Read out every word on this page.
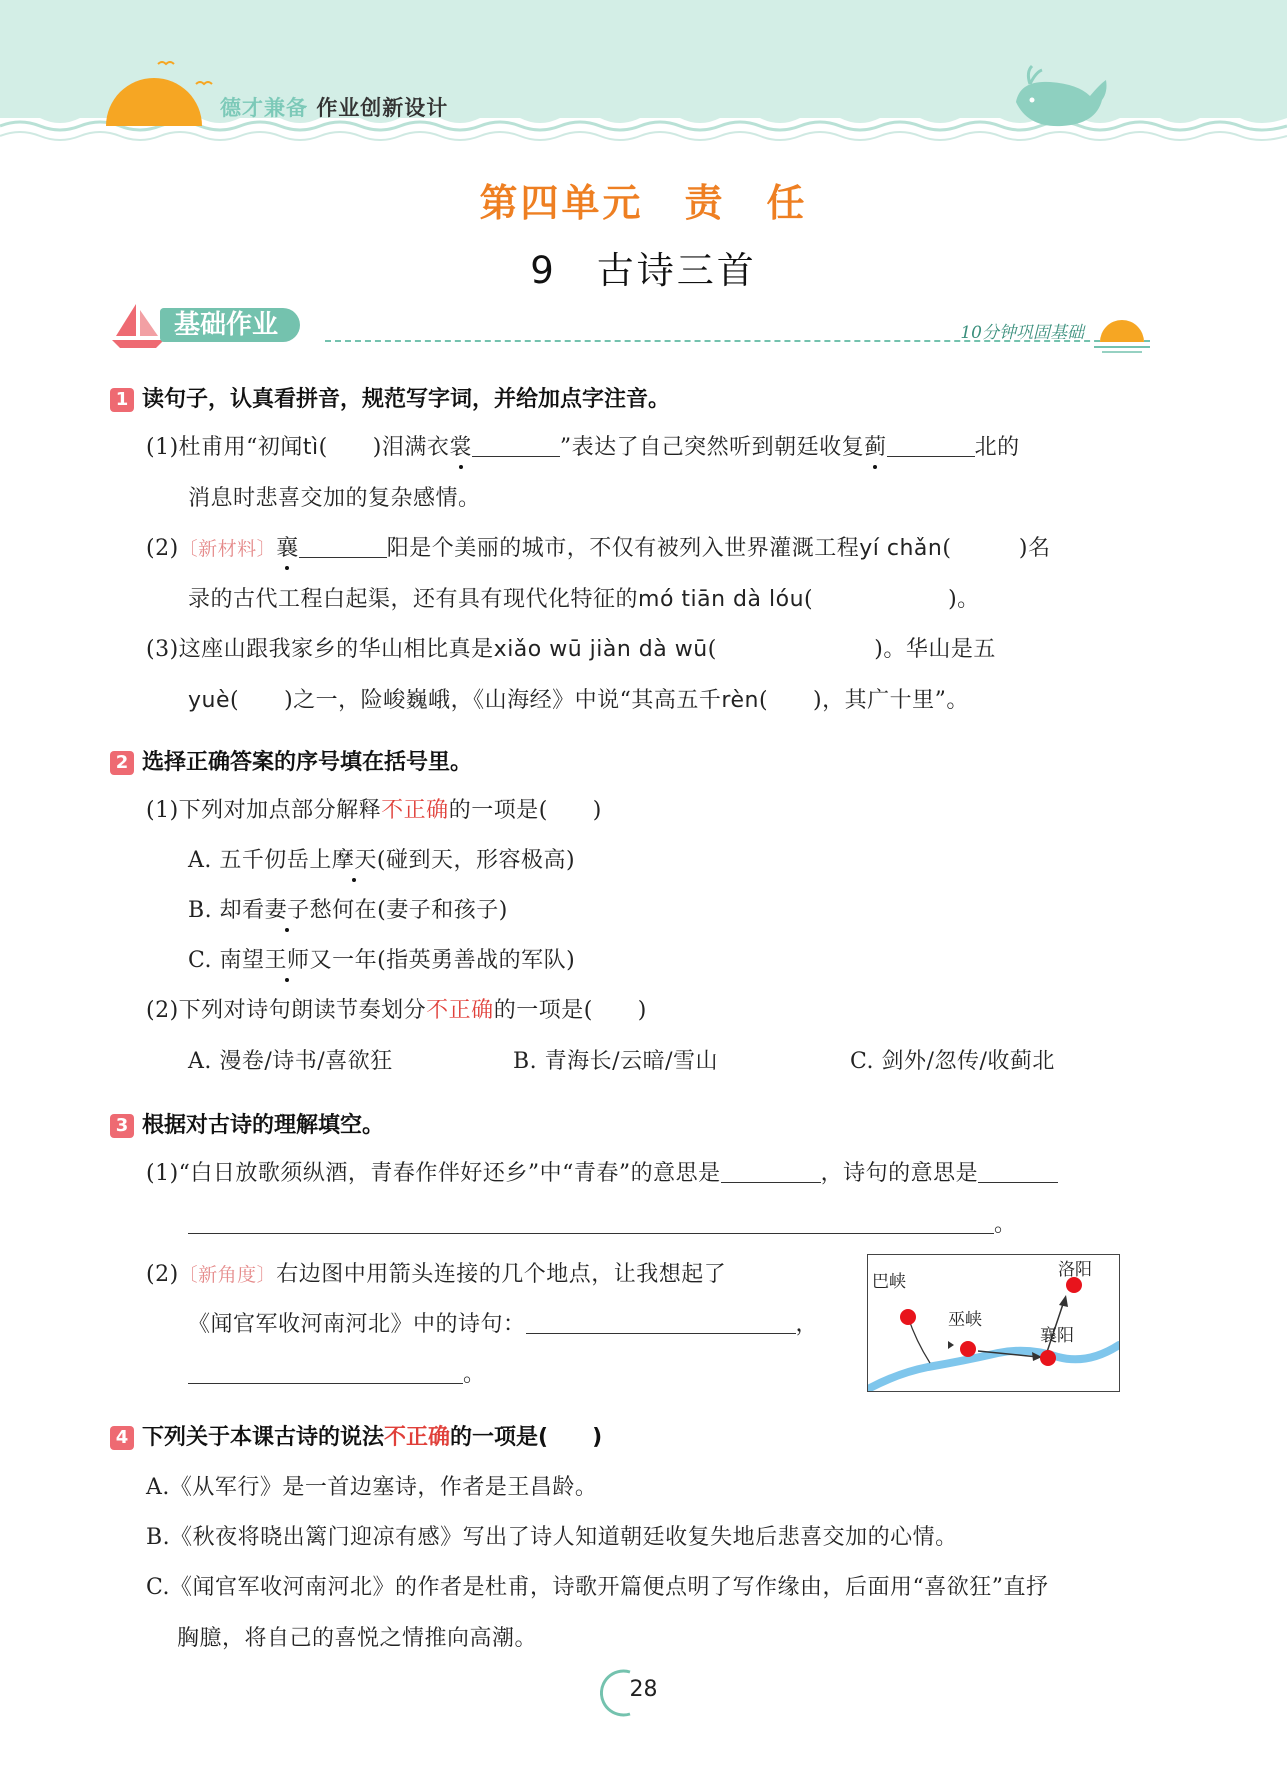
德才兼备 作业创新设计
第四单元　责　任
9　古诗三首
基础作业	10分钟巩固基础
1 读句子，认真看拼音，规范写字词，并给加点字注音。
(1)杜甫用“初闻tì(　　)泪满衣裳	”表达了自己突然听到朝廷收复蓟	北的
消息时悲喜交加的复杂感情。
(2)〔新材料〕襄	阳是个美丽的城市，不仅有被列入世界灌溉工程yí chǎn(　　　)名
录的古代工程白起渠，还有具有现代化特征的mó tiān dà lóu(　　　　　　)。
(3)这座山跟我家乡的华山相比真是xiǎo wū jiàn dà wū(　　　　　　　)。华山是五
yuè(　　)之一，险峻巍峨，《山海经》中说“其高五千rèn(　　)，其广十里”。
2 选择正确答案的序号填在括号里。
(1)下列对加点部分解释不正确的一项是(　　)
A. 五千仞岳上摩天(碰到天，形容极高)
B. 却看妻子愁何在(妻子和孩子)
C. 南望王师又一年(指英勇善战的军队)
(2)下列对诗句朗读节奏划分不正确的一项是(　　)
A. 漫卷/诗书/喜欲狂	B. 青海长/云暗/雪山	C. 剑外/忽传/收蓟北
3 根据对古诗的理解填空。
(1)“白日放歌须纵酒，青春作伴好还乡”中“青春”的意思是	，诗句的意思是
。
(2)〔新角度〕右边图中用箭头连接的几个地点，让我想起了
《闻官军收河南河北》中的诗句：	，
。
巴峡
巫峡
襄阳
洛阳
4 下列关于本课古诗的说法不正确的一项是(　　)
A.《从军行》是一首边塞诗，作者是王昌龄。
B.《秋夜将晓出篱门迎凉有感》写出了诗人知道朝廷收复失地后悲喜交加的心情。
C.《闻官军收河南河北》的作者是杜甫，诗歌开篇便点明了写作缘由，后面用“喜欲狂”直抒
胸臆，将自己的喜悦之情推向高潮。
28
